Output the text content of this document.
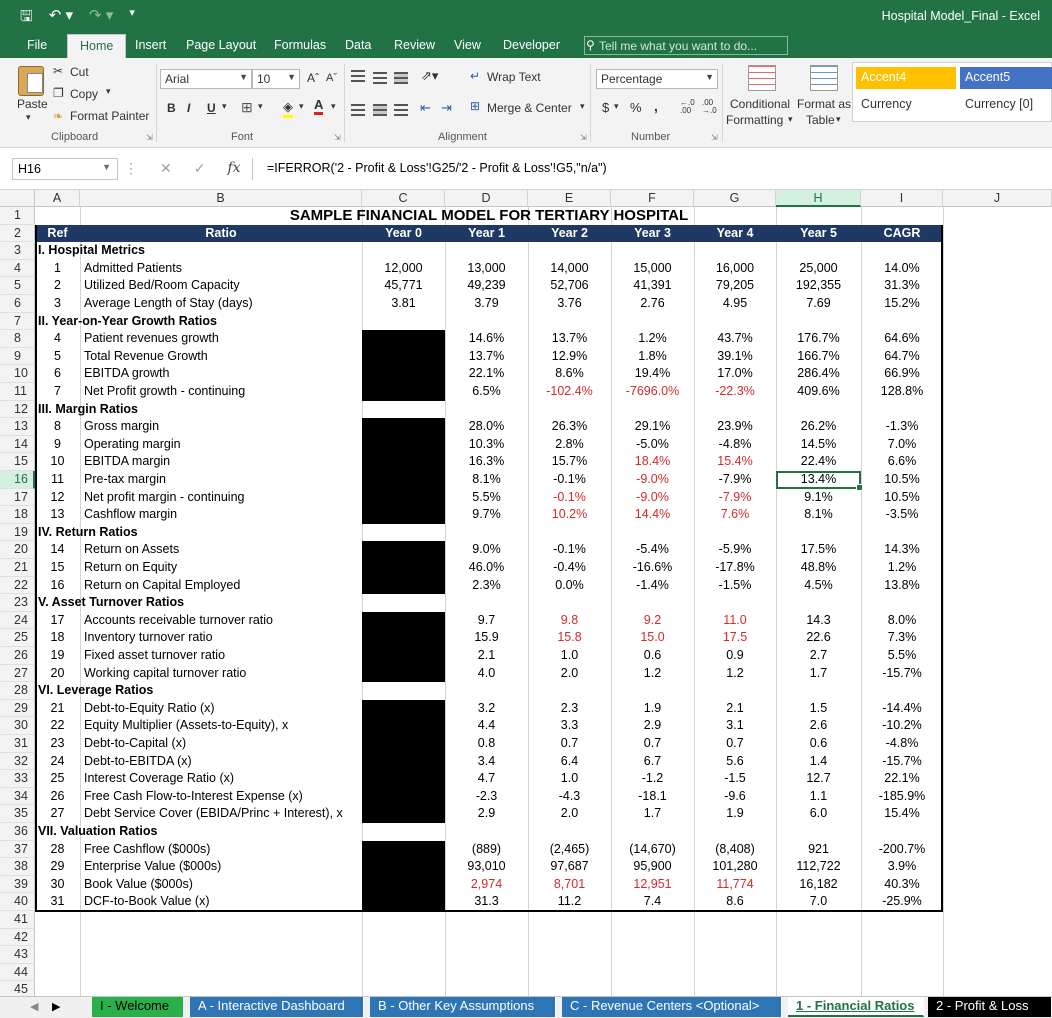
🖫 ↶ ▾ ↷ ▾ ▾	Hospital Model_Final - Excel
File	Home	Insert Page Layout Formulas Data Review View Developer ⚲ Tell me what you want to do...
Paste
▾
✂ Cut
❐ Copy ▾
❧ Format Painter
Clipboard	⇲
Arial	▼ 10 ▼ Aˆ Aˇ
B I U ▾ ⊞ ▾ ◈ ▾ A ▾
Font	⇲
⇗▾
⇤ ⇥
↵ Wrap Text
⊞ Merge & Center ▾
Alignment	⇲
Percentage	▼
$ ▾ % ,	←.0
.00
.00
→.0
Number	⇲
Conditional
Formatting ▾
Format as
Table ▾
Accent4	Accent5
Currency	Currency [0]
H16	▼ ⋮ ✕ ✓ fx	=IFERROR('2 - Profit & Loss'!G25/'2 - Profit & Loss'!G5,"n/a")
A	B	C	D	E	F	G	H	I	J
1	SAMPLE FINANCIAL MODEL FOR TERTIARY HOSPITAL
2	Ref	Ratio	Year 0	Year 1	Year 2	Year 3	Year 4	Year 5	CAGR
3	I. Hospital Metrics
4	1	Admitted Patients	12,000	13,000	14,000	15,000	16,000	25,000	14.0%
5	2	Utilized Bed/Room Capacity	45,771	49,239	52,706	41,391	79,205	192,355	31.3%
6	3	Average Length of Stay (days)	3.81	3.79	3.76	2.76	4.95	7.69	15.2%
7	II. Year-on-Year Growth Ratios
8	4	Patient revenues growth	14.6%	13.7%	1.2%	43.7%	176.7%	64.6%
9	5	Total Revenue Growth	13.7%	12.9%	1.8%	39.1%	166.7%	64.7%
10	6	EBITDA growth	22.1%	8.6%	19.4%	17.0%	286.4%	66.9%
11	7	Net Profit growth - continuing	6.5%	-102.4%	-7696.0%	-22.3%	409.6%	128.8%
12 III. Margin Ratios
13	8	Gross margin	28.0%	26.3%	29.1%	23.9%	26.2%	-1.3%
14	9	Operating margin	10.3%	2.8%	-5.0%	-4.8%	14.5%	7.0%
15	10	EBITDA margin	16.3%	15.7%	18.4%	15.4%	22.4%	6.6%
16	11	Pre-tax margin	8.1%	-0.1%	-9.0%	-7.9%	13.4%	10.5%
17	12	Net profit margin - continuing	5.5%	-0.1%	-9.0%	-7.9%	9.1%	10.5%
18	13	Cashflow margin	9.7%	10.2%	14.4%	7.6%	8.1%	-3.5%
19 IV. Return Ratios
20	14	Return on Assets	9.0%	-0.1%	-5.4%	-5.9%	17.5%	14.3%
21	15	Return on Equity	46.0%	-0.4%	-16.6%	-17.8%	48.8%	1.2%
22	16	Return on Capital Employed	2.3%	0.0%	-1.4%	-1.5%	4.5%	13.8%
23 V. Asset Turnover Ratios
24	17	Accounts receivable turnover ratio	9.7	9.8	9.2	11.0	14.3	8.0%
25	18	Inventory turnover ratio	15.9	15.8	15.0	17.5	22.6	7.3%
26	19	Fixed asset turnover ratio	2.1	1.0	0.6	0.9	2.7	5.5%
27	20	Working capital turnover ratio	4.0	2.0	1.2	1.2	1.7	-15.7%
28 VI. Leverage Ratios
29	21	Debt-to-Equity Ratio (x)	3.2	2.3	1.9	2.1	1.5	-14.4%
30	22	Equity Multiplier (Assets-to-Equity), x	4.4	3.3	2.9	3.1	2.6	-10.2%
31	23	Debt-to-Capital (x)	0.8	0.7	0.7	0.7	0.6	-4.8%
32	24	Debt-to-EBITDA (x)	3.4	6.4	6.7	5.6	1.4	-15.7%
33	25	Interest Coverage Ratio (x)	4.7	1.0	-1.2	-1.5	12.7	22.1%
34	26	Free Cash Flow-to-Interest Expense (x)	-2.3	-4.3	-18.1	-9.6	1.1	-185.9%
35	27	Debt Service Cover (EBIDA/Princ + Interest), x	2.9	2.0	1.7	1.9	6.0	15.4%
36 VII. Valuation Ratios
37	28	Free Cashflow ($000s)	(889)	(2,465)	(14,670)	(8,408)	921	-200.7%
38	29	Enterprise Value ($000s)	93,010	97,687	95,900	101,280	112,722	3.9%
39	30	Book Value ($000s)	2,974	8,701	12,951	11,774	16,182	40.3%
40	31	DCF-to-Book Value (x)	31.3	11.2	7.4	8.6	7.0	-25.9%
41
42
43
44
45
◀ ▶	I - Welcome	A - Interactive Dashboard	B - Other Key Assumptions	C - Revenue Centers <Optional>	1 - Financial Ratios	2 - Profit & Loss
